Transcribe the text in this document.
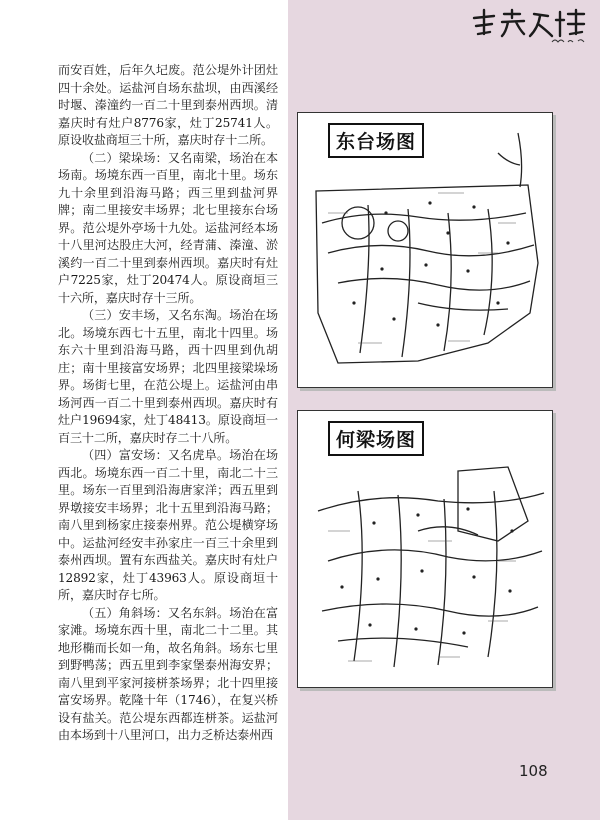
而安百姓，后年久圮废。范公堤外计团灶四十余处。运盐河自场东盐坝，由西溪经时堰、溱潼约一百二十里到泰州西坝。清嘉庆时有灶户8776家，灶丁25741人。原设收盐商垣三十所，嘉庆时存十二所。

（二）梁垛场：又名南梁，场治在本场南。场境东西一百里，南北十里。场东九十余里到沿海马路；西三里到盐河界牌；南二里接安丰场界；北七里接东台场界。范公堤外亭场十九处。运盐河经本场十八里河达股庄大河，经青蒲、溱潼、淤溪约一百二十里到泰州西坝。嘉庆时有灶户7225家，灶丁20474人。原设商垣三十六所，嘉庆时存十三所。

（三）安丰场，又名东淘。场治在场北。场境东西七十五里，南北十四里。场东六十里到沿海马路，西十四里到仇胡庄；南十里接富安场界；北四里接梁垛场界。场街七里，在范公堤上。运盐河由串场河西一百二十里到泰州西坝。嘉庆时有灶户19694家，灶丁48413。原设商垣一百三十二所，嘉庆时存二十八所。

（四）富安场：又名虎阜。场治在场西北。场境东西一百二十里，南北二十三里。场东一百里到沿海唐家洋；西五里到界墩接安丰场界；北十五里到沿海马路；南八里到杨家庄接泰州界。范公堤横穿场中。运盐河经安丰孙家庄一百三十余里到泰州西坝。置有东西盐关。嘉庆时有灶户12892家，灶丁43963人。原设商垣十所，嘉庆时存七所。

（五）角斜场：又名东斜。场治在富家滩。场境东西十里，南北二十二里。其地形椭而长如一角，故名角斜。场东七里到野鸭荡；西五里到李家堡泰州海安界；南八里到平家河接栟茶场界；北十四里接富安场界。乾隆十年（1746），在复兴桥设有盐关。范公堤东西都连栟茶。运盐河由本场到十八里河口，出力乏桥达泰州西

东台场图
何梁场图
108
